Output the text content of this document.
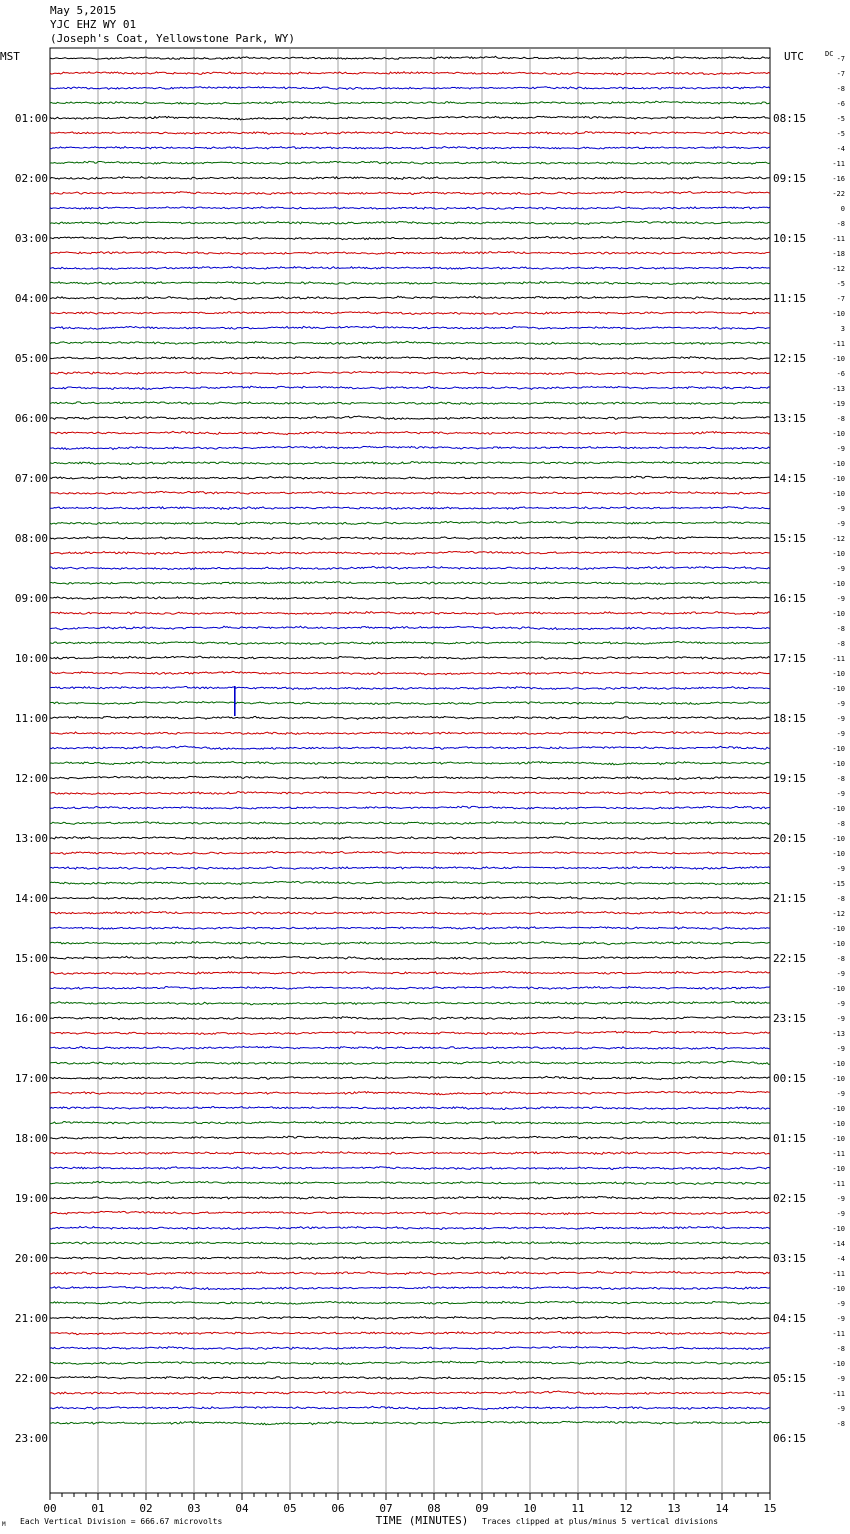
May 5,2015
YJC EHZ WY 01
(Joseph's Coat, Yellowstone Park, WY)
MST	UTC	DC
01:00
02:00
03:00
04:00
05:00
06:00
07:00
08:00
09:00
10:00
11:00
12:00
13:00
14:00
15:00
16:00
17:00
18:00
19:00
20:00
21:00
22:00
23:00
08:15
09:15
10:15
11:15
12:15
13:15
14:15
15:15
16:15
17:15
18:15
19:15
20:15
21:15
22:15
23:15
00:15
01:15
02:15
03:15
04:15
05:15
06:15
-7
-7
-8
-6
-5
-5
-4
-11
-16
-22
0
-8
-11
-18
-12
-5
-7
-10
3
-11
-10
-6
-13
-19
-8
-10
-9
-10
-10
-10
-9
-9
-12
-10
-9
-10
-9
-10
-8
-8
-11
-10
-10
-9
-9
-9
-10
-10
-8
-9
-10
-8
-10
-10
-9
-15
-8
-12
-10
-10
-8
-9
-10
-9
-9
-13
-9
-10
-10
-9
-10
-10
-10
-11
-10
-11
-9
-9
-10
-14
-4
-11
-10
-9
-9
-11
-8
-10
-9
-11
-9
-8
00	01	02	03	04	05	06	07	08	09	10	11	12	13	14	15
TIME (MINUTES)
Each Vertical Division = 666.67 microvolts	Traces clipped at plus/minus 5 vertical divisions
M
